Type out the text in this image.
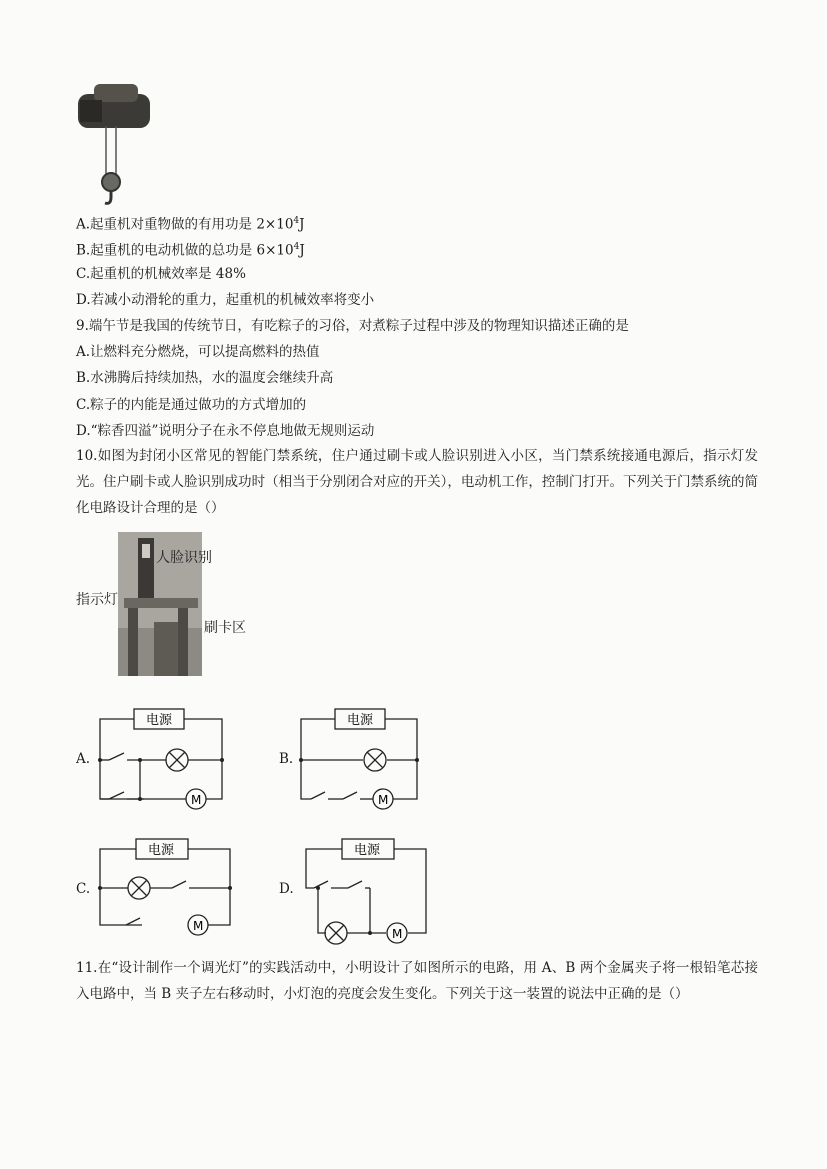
A.起重机对重物做的有用功是 $2\times 10^4J$
B.起重机的电动机做的总功是 $6\times 10^4J$
C.起重机的机械效率是 48%
D.若减小动滑轮的重力，起重机的机械效率将变小
9.端午节是我国的传统节日，有吃粽子的习俗，对煮粽子过程中涉及的物理知识描述正确的是
A.让燃料充分燃烧，可以提高燃料的热值
B.水沸腾后持续加热，水的温度会继续升高
C.粽子的内能是通过做功的方式增加的
D.“粽香四溢”说明分子在永不停息地做无规则运动
10.如图为封闭小区常见的智能门禁系统，住户通过刷卡或人脸识别进入小区，当门禁系统接通电源后，指示灯发光。住户刷卡或人脸识别成功时（相当于分别闭合对应的开关），电动机工作，控制门打开。下列关于门禁系统的简化电路设计合理的是（）
人脸识别
指示灯
刷卡区
A.	B.
C.	D.
电源
M
电源
M
电源
M
电源
M
11.在“设计制作一个调光灯”的实践活动中，小明设计了如图所示的电路，用 A、B 两个金属夹子将一根铅笔芯接入电路中，当 B 夹子左右移动时，小灯泡的亮度会发生变化。下列关于这一装置的说法中正确的是（）
